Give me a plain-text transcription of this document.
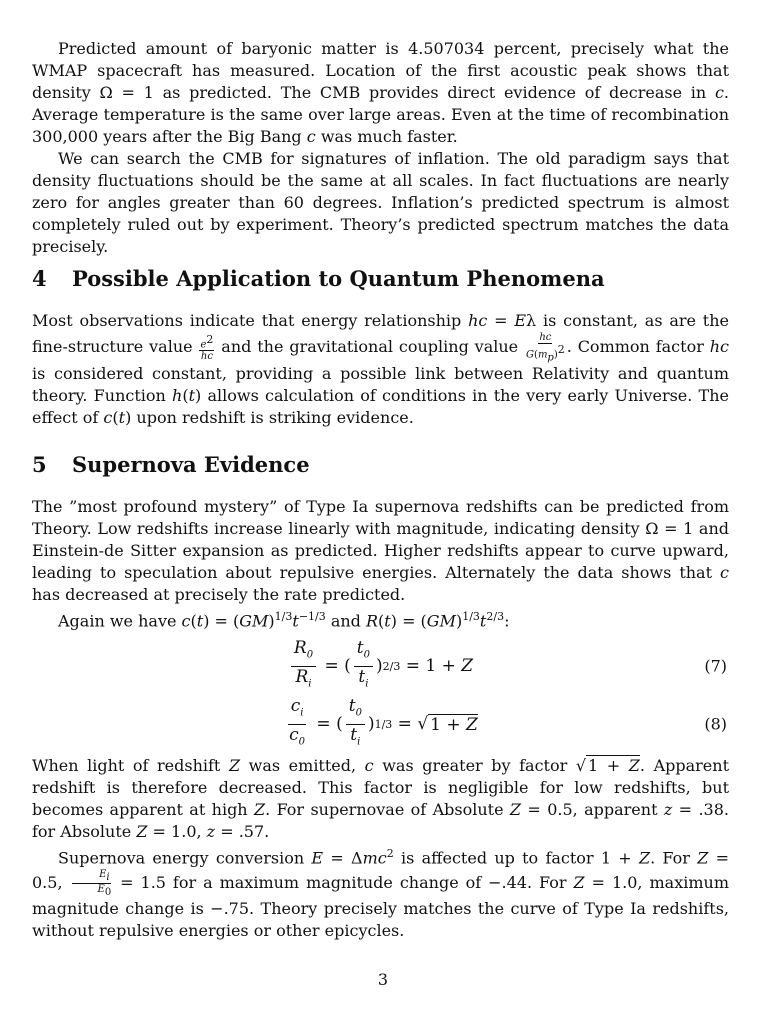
Predicted amount of baryonic matter is 4.507034 percent, precisely what the WMAP spacecraft has measured. Location of the first acoustic peak shows that density Ω = 1 as predicted. The CMB provides direct evidence of decrease in c. Average temperature is the same over large areas. Even at the time of recombination 300,000 years after the Big Bang c was much faster.
We can search the CMB for signatures of inflation. The old paradigm says that density fluctuations should be the same at all scales. In fact fluctuations are nearly zero for angles greater than 60 degrees. Inflation’s predicted spectrum is almost completely ruled out by experiment. Theory’s predicted spectrum matches the data precisely.
4 Possible Application to Quantum Phenomena
Most observations indicate that energy relationship hc = Eλ is constant, as are the fine-structure value $\frac{e^2}{hc}$ and the gravitational coupling value $\frac{hc}{G(m_p)^2}$ . Common factor hc is considered constant, providing a possible link between Relativity and quantum theory. Function h(t) allows calculation of conditions in the very early Universe. The effect of c(t) upon redshift is striking evidence.
5 Supernova Evidence
The ”most profound mystery” of Type Ia supernova redshifts can be predicted from Theory. Low redshifts increase linearly with magnitude, indicating density Ω = 1 and Einstein-de Sitter expansion as predicted. Higher redshifts appear to curve upward, leading to speculation about repulsive energies. Alternately the data shows that c has decreased at precisely the rate predicted.
Again we have $c(t) = (GM)^{1/3}t^{-1/3}$ and $R(t) = (GM)^{1/3}t^{2/3}$:
$R_0$
$R_i$
= (
$t_0$
$t_i$
) 2/3 = 1 + Z	(7)
$c_i$
$c_0$
= (
$t_0$
$t_i$
) 1/3 = √ 1 + Z	(8)
When light of redshift Z was emitted, c was greater by factor √ 1 + Z. Apparent redshift is therefore decreased. This factor is negligible for low redshifts, but becomes apparent at high Z. For supernovae of Absolute Z = 0.5, apparent z = .38. for Absolute Z = 1.0, z = .57.
Supernova energy conversion E = Δmc$^2$ is affected up to factor 1 + Z. For Z = 0.5, $\frac{E_i}{E_0} = 1.5$ for a maximum magnitude change of −.44. For Z = 1.0, maximum magnitude change is −.75. Theory precisely matches the curve of Type Ia redshifts, without repulsive energies or other epicycles.
3
